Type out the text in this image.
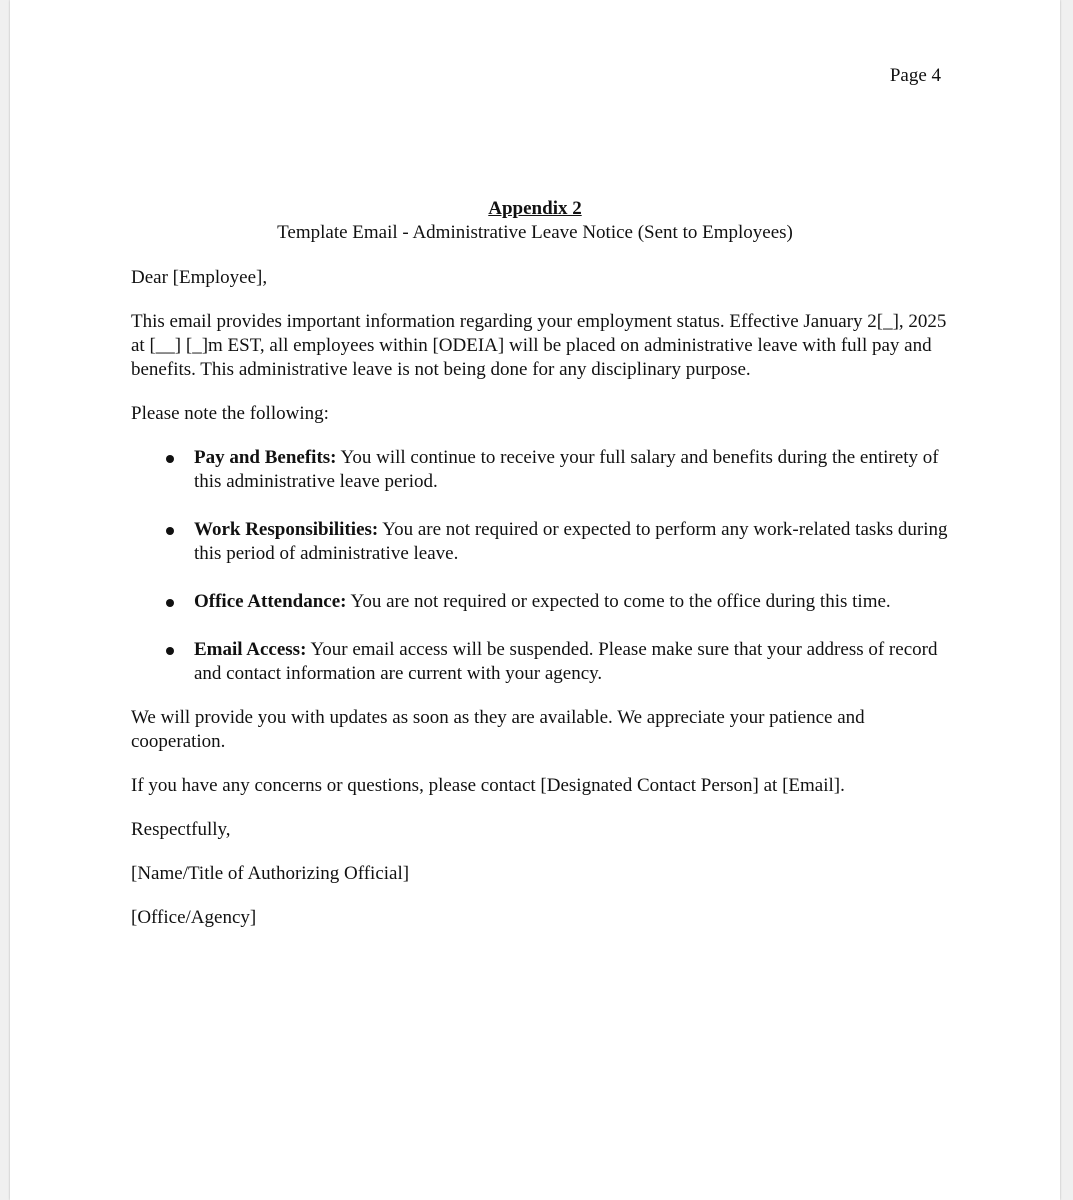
Page 4
Appendix 2
Template Email - Administrative Leave Notice (Sent to Employees)

Dear [Employee],

This email provides important information regarding your employment status. Effective January 2[_], 2025 at [__] [_]m EST, all employees within [ODEIA] will be placed on administrative leave with full pay and benefits. This administrative leave is not being done for any disciplinary purpose.

Please note the following:

Pay and Benefits: You will continue to receive your full salary and benefits during the entirety of this administrative leave period.
Work Responsibilities: You are not required or expected to perform any work-related tasks during this period of administrative leave.
Office Attendance: You are not required or expected to come to the office during this time.
Email Access: Your email access will be suspended. Please make sure that your address of record and contact information are current with your agency.

We will provide you with updates as soon as they are available. We appreciate your patience and cooperation.

If you have any concerns or questions, please contact [Designated Contact Person] at [Email].

Respectfully,

[Name/Title of Authorizing Official]

[Office/Agency]
